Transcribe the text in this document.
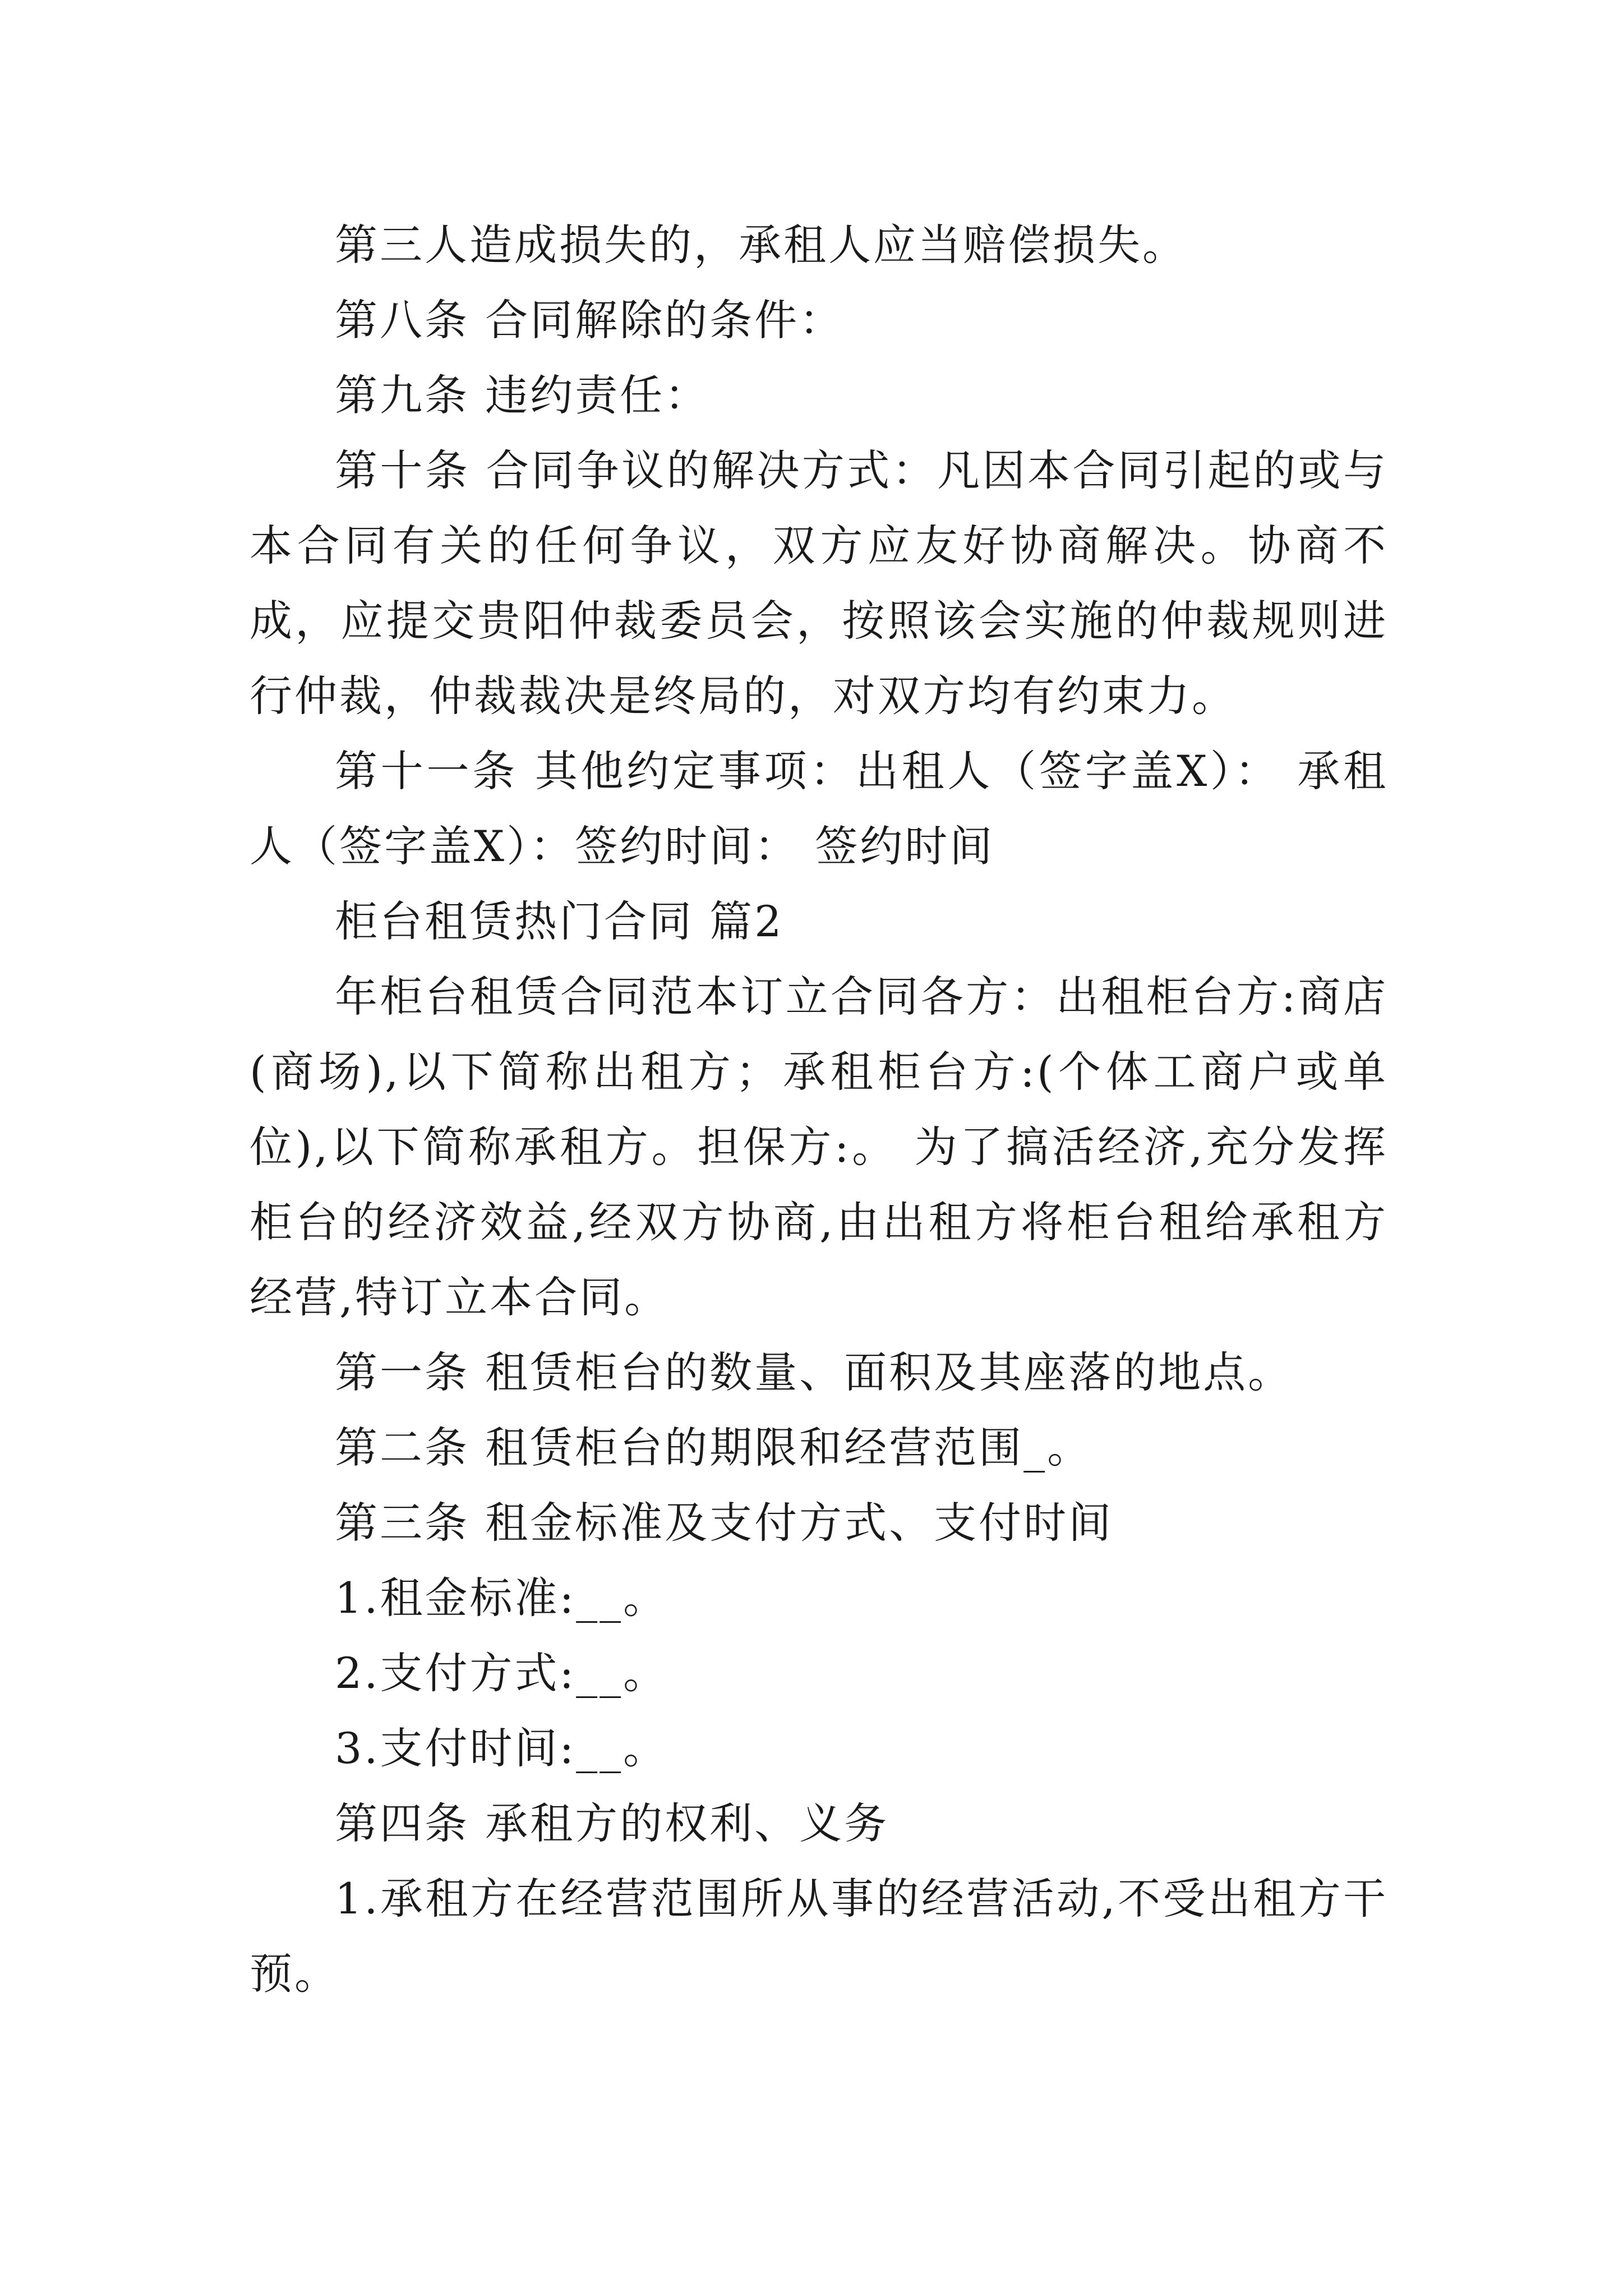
第三人造成损失的，承租人应当赔偿损失。

第八条 合同解除的条件：

第九条 违约责任：

第十条 合同争议的解决方式：凡因本合同引起的或与本合同有关的任何争议，双方应友好协商解决。协商不成，应提交贵阳仲裁委员会，按照该会实施的仲裁规则进行仲裁，仲裁裁决是终局的，对双方均有约束力。

第十一条 其他约定事项：出租人（签字盖X）： 承租人（签字盖X）：签约时间： 签约时间

柜台租赁热门合同 篇2

年柜台租赁合同范本订立合同各方：出租柜台方:商店(商场),以下简称出租方；承租柜台方:(个体工商户或单位),以下简称承租方。担保方:。 为了搞活经济,充分发挥柜台的经济效益,经双方协商,由出租方将柜台租给承租方经营,特订立本合同。

第一条 租赁柜台的数量、面积及其座落的地点。

第二条 租赁柜台的期限和经营范围_。

第三条 租金标准及支付方式、支付时间

1.租金标准:__。

2.支付方式:__。

3.支付时间:__。

第四条 承租方的权利、义务

1.承租方在经营范围所从事的经营活动,不受出租方干预。
